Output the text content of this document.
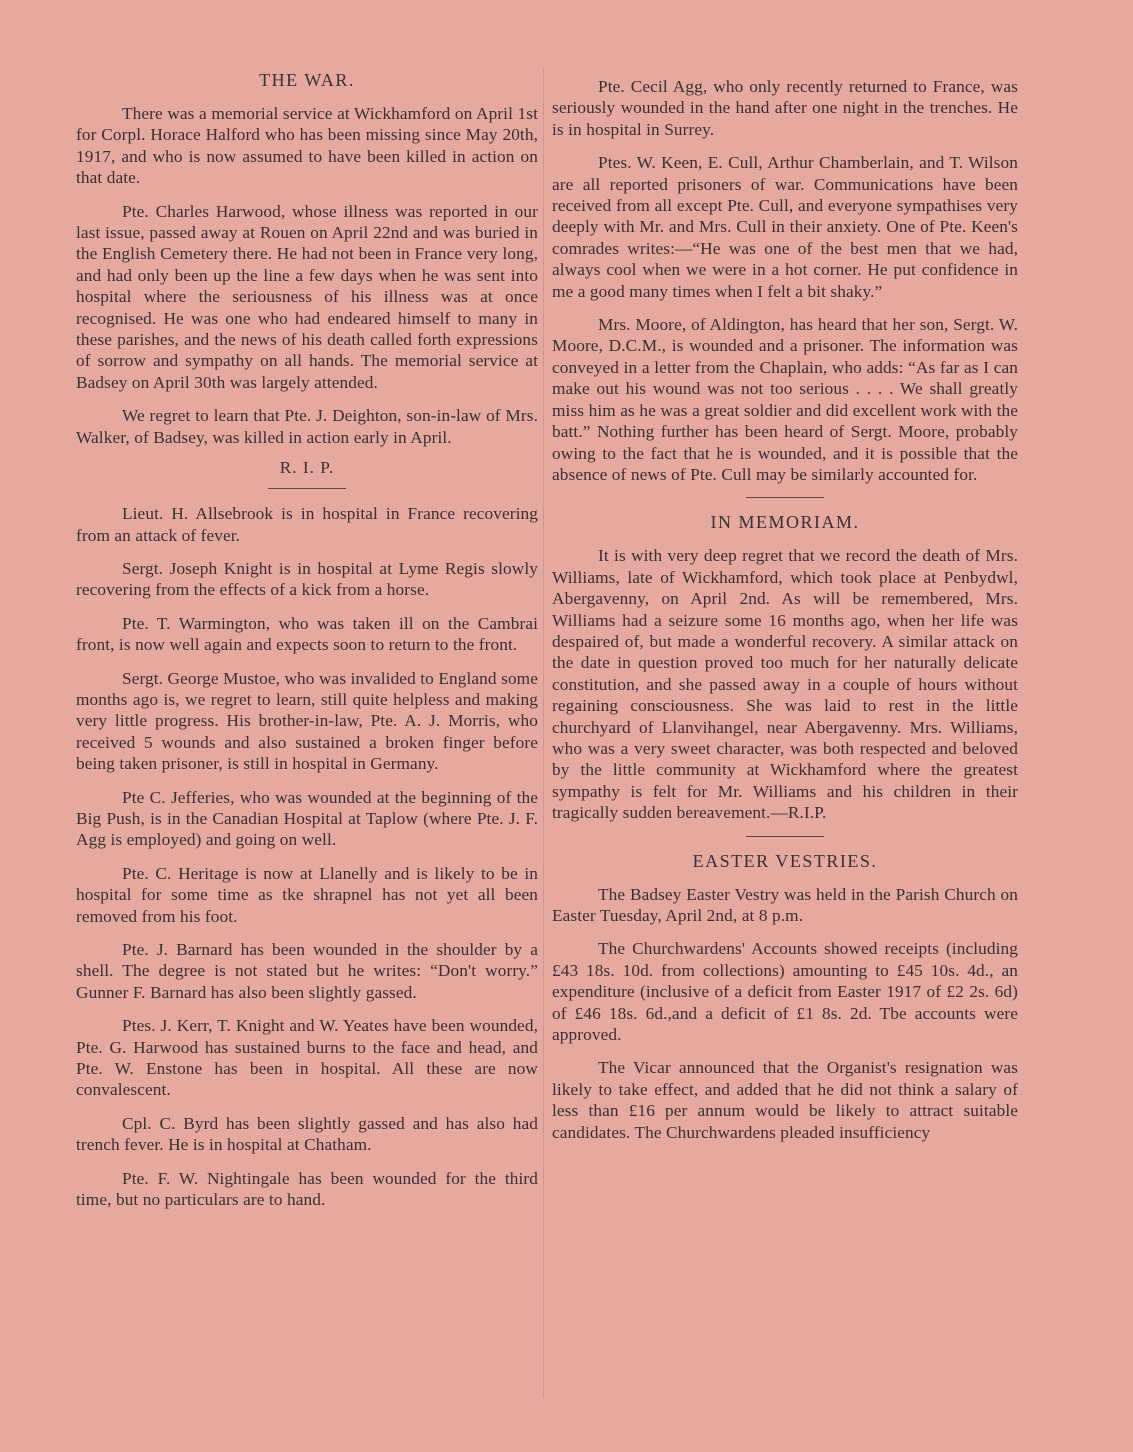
THE WAR.

There was a memorial service at Wickhamford on April 1st for Corpl. Horace Halford who has been missing since May 20th, 1917, and who is now assumed to have been killed in action on that date.

Pte. Charles Harwood, whose illness was reported in our last issue, passed away at Rouen on April 22nd and was buried in the English Cemetery there. He had not been in France very long, and had only been up the line a few days when he was sent into hospital where the seriousness of his illness was at once recognised. He was one who had endeared himself to many in these parishes, and the news of his death called forth expressions of sorrow and sympathy on all hands. The memorial service at Badsey on April 30th was largely attended.

We regret to learn that Pte. J. Deighton, son-in-law of Mrs. Walker, of Badsey, was killed in action early in April.

R. I. P.

Lieut. H. Allsebrook is in hospital in France recovering from an attack of fever.

Sergt. Joseph Knight is in hospital at Lyme Regis slowly recovering from the effects of a kick from a horse.

Pte. T. Warmington, who was taken ill on the Cambrai front, is now well again and expects soon to return to the front.

Sergt. George Mustoe, who was invalided to England some months ago is, we regret to learn, still quite helpless and making very little progress. His brother-in-law, Pte. A. J. Morris, who received 5 wounds and also sustained a broken finger before being taken prisoner, is still in hospital in Germany.

Pte C. Jefferies, who was wounded at the beginning of the Big Push, is in the Canadian Hospital at Taplow (where Pte. J. F. Agg is employed) and going on well.

Pte. C. Heritage is now at Llanelly and is likely to be in hospital for some time as tke shrapnel has not yet all been removed from his foot.

Pte. J. Barnard has been wounded in the shoulder by a shell. The degree is not stated but he writes: “Don't worry.” Gunner F. Barnard has also been slightly gassed.

Ptes. J. Kerr, T. Knight and W. Yeates have been wounded, Pte. G. Harwood has sustained burns to the face and head, and Pte. W. Enstone has been in hospital. All these are now convalescent.

Cpl. C. Byrd has been slightly gassed and has also had trench fever. He is in hospital at Chatham.

Pte. F. W. Nightingale has been wounded for the third time, but no particulars are to hand.

Pte. Cecil Agg, who only recently returned to France, was seriously wounded in the hand after one night in the trenches. He is in hospital in Surrey.

Ptes. W. Keen, E. Cull, Arthur Chamberlain, and T. Wilson are all reported prisoners of war. Communications have been received from all except Pte. Cull, and everyone sympathises very deeply with Mr. and Mrs. Cull in their anxiety. One of Pte. Keen's comrades writes:—“He was one of the best men that we had, always cool when we were in a hot corner. He put confidence in me a good many times when I felt a bit shaky.”

Mrs. Moore, of Aldington, has heard that her son, Sergt. W. Moore, D.C.M., is wounded and a prisoner. The information was conveyed in a letter from the Chaplain, who adds: “As far as I can make out his wound was not too serious . . . . We shall greatly miss him as he was a great soldier and did excellent work with the batt.” Nothing further has been heard of Sergt. Moore, probably owing to the fact that he is wounded, and it is possible that the absence of news of Pte. Cull may be similarly accounted for.

IN MEMORIAM.

It is with very deep regret that we record the death of Mrs. Williams, late of Wickhamford, which took place at Penbydwl, Abergavenny, on April 2nd. As will be remembered, Mrs. Williams had a seizure some 16 months ago, when her life was despaired of, but made a wonderful recovery. A similar attack on the date in question proved too much for her naturally delicate constitution, and she passed away in a couple of hours without regaining consciousness. She was laid to rest in the little churchyard of Llanvihangel, near Abergavenny. Mrs. Williams, who was a very sweet character, was both respected and beloved by the little community at Wickhamford where the greatest sympathy is felt for Mr. Williams and his children in their tragically sudden bereavement.—R.I.P.

EASTER VESTRIES.

The Badsey Easter Vestry was held in the Parish Church on Easter Tuesday, April 2nd, at 8 p.m.

The Churchwardens' Accounts showed receipts (including £43 18s. 10d. from collections) amounting to £45 10s. 4d., an expenditure (inclusive of a deficit from Easter 1917 of £2 2s. 6d) of £46 18s. 6d.,and a deficit of £1 8s. 2d. Tbe accounts were approved.

The Vicar announced that the Organist's resignation was likely to take effect, and added that he did not think a salary of less than £16 per annum would be likely to attract suitable candidates. The Churchwardens pleaded insufficiency
